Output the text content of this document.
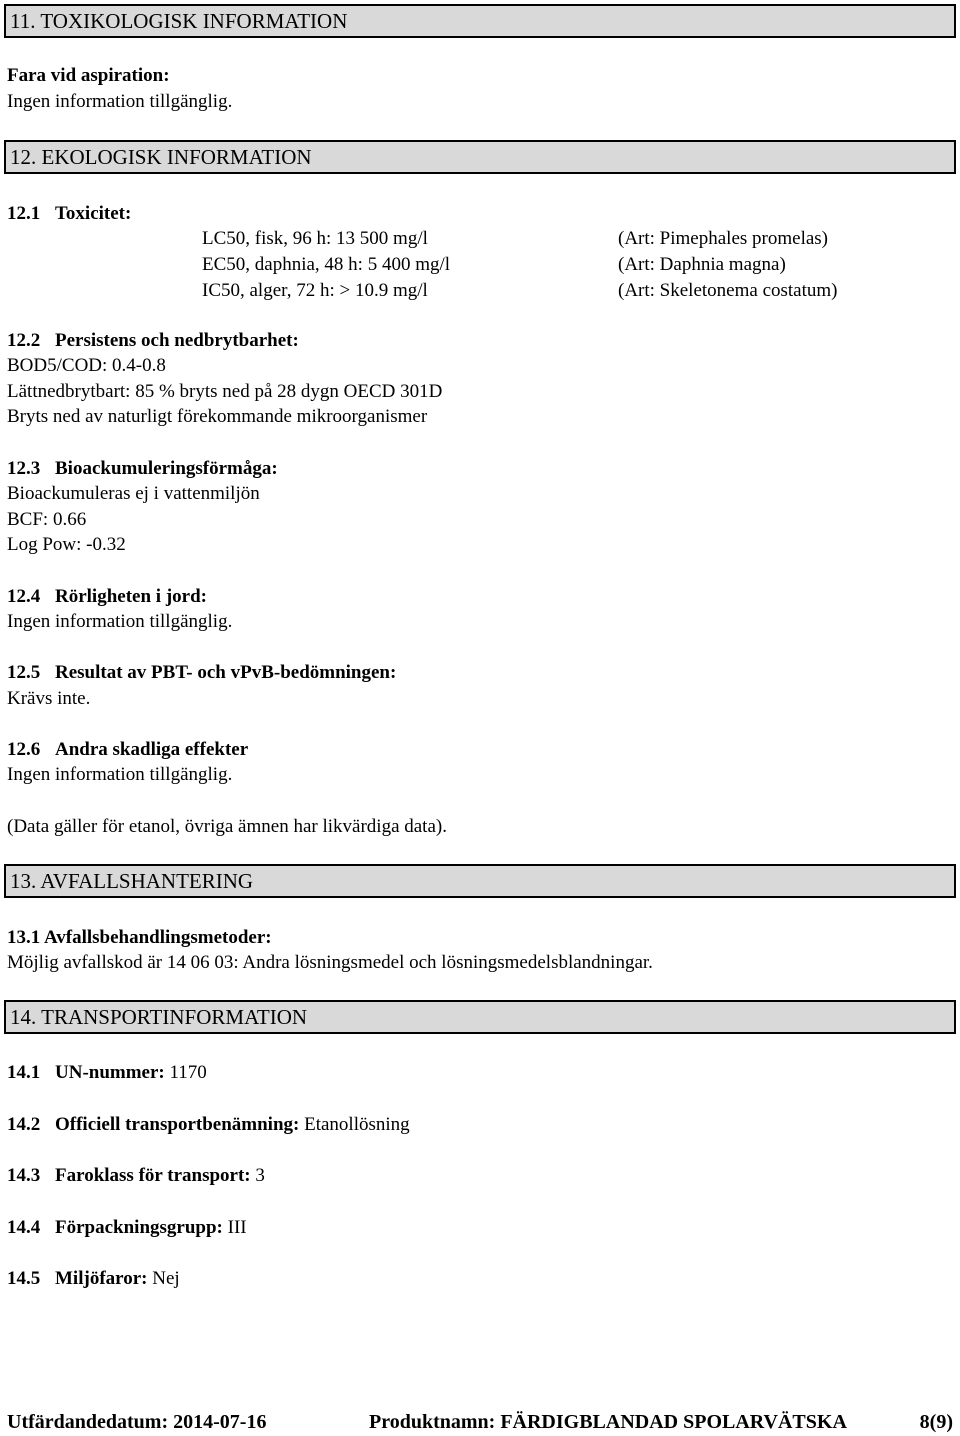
11. TOXIKOLOGISK INFORMATION
Fara vid aspiration:
Ingen information tillgänglig.
12. EKOLOGISK INFORMATION
12.1 Toxicitet:
LC50, fisk, 96 h: 13 500 mg/l	(Art: Pimephales promelas)
EC50, daphnia, 48 h: 5 400 mg/l	(Art: Daphnia magna)
IC50, alger, 72 h: > 10.9 mg/l	(Art: Skeletonema costatum)
12.2 Persistens och nedbrytbarhet:
BOD5/COD: 0.4-0.8
Lättnedbrytbart: 85 % bryts ned på 28 dygn OECD 301D
Bryts ned av naturligt förekommande mikroorganismer
12.3 Bioackumuleringsförmåga:
Bioackumuleras ej i vattenmiljön
BCF: 0.66
Log Pow: -0.32
12.4 Rörligheten i jord:
Ingen information tillgänglig.
12.5 Resultat av PBT- och vPvB-bedömningen:
Krävs inte.
12.6 Andra skadliga effekter
Ingen information tillgänglig.
(Data gäller för etanol, övriga ämnen har likvärdiga data).
13. AVFALLSHANTERING
13.1 Avfallsbehandlingsmetoder:
Möjlig avfallskod är 14 06 03: Andra lösningsmedel och lösningsmedelsblandningar.
14. TRANSPORTINFORMATION
14.1 UN-nummer: 1170
14.2 Officiell transportbenämning: Etanollösning
14.3 Faroklass för transport: 3
14.4 Förpackningsgrupp: III
14.5 Miljöfaror: Nej
Utfärdandedatum: 2014-07-16	Produktnamn: FÄRDIGBLANDAD SPOLARVÄTSKA	8(9)
